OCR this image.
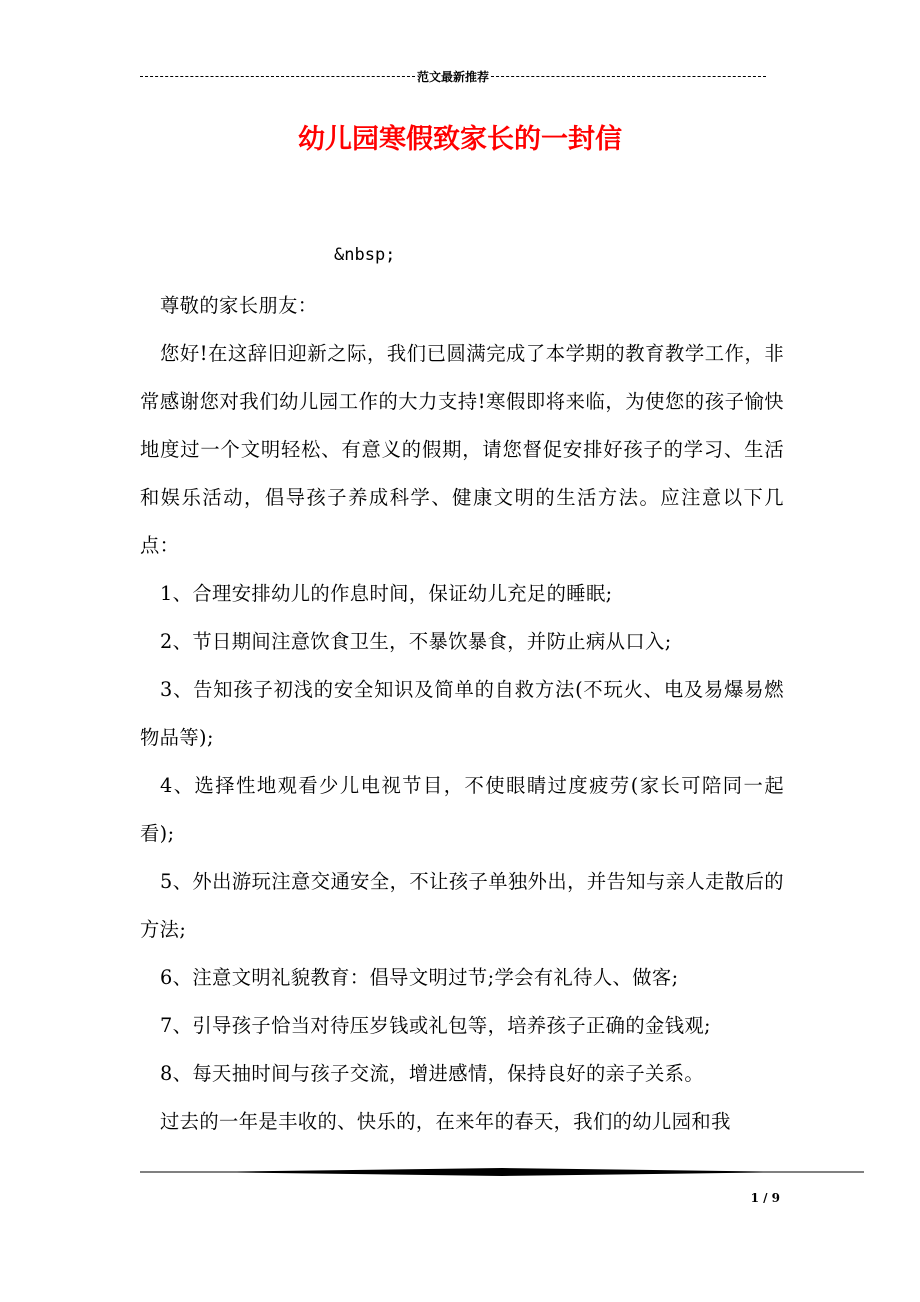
范文最新推荐
幼儿园寒假致家长的一封信
&nbsp;

尊敬的家长朋友：

您好!在这辞旧迎新之际，我们已圆满完成了本学期的教育教学工作，非常感谢您对我们幼儿园工作的大力支持!寒假即将来临，为使您的孩子愉快地度过一个文明轻松、有意义的假期，请您督促安排好孩子的学习、生活和娱乐活动，倡导孩子养成科学、健康文明的生活方法。应注意以下几点：

1、合理安排幼儿的作息时间，保证幼儿充足的睡眠;

2、节日期间注意饮食卫生，不暴饮暴食，并防止病从口入;

3、告知孩子初浅的安全知识及简单的自救方法(不玩火、电及易爆易燃物品等);

4、选择性地观看少儿电视节目，不使眼睛过度疲劳(家长可陪同一起看);

5、外出游玩注意交通安全，不让孩子单独外出，并告知与亲人走散后的方法;

6、注意文明礼貌教育：倡导文明过节;学会有礼待人、做客;

7、引导孩子恰当对待压岁钱或礼包等，培养孩子正确的金钱观;

8、每天抽时间与孩子交流，增进感情，保持良好的亲子关系。

过去的一年是丰收的、快乐的，在来年的春天，我们的幼儿园和我

1 / 9
